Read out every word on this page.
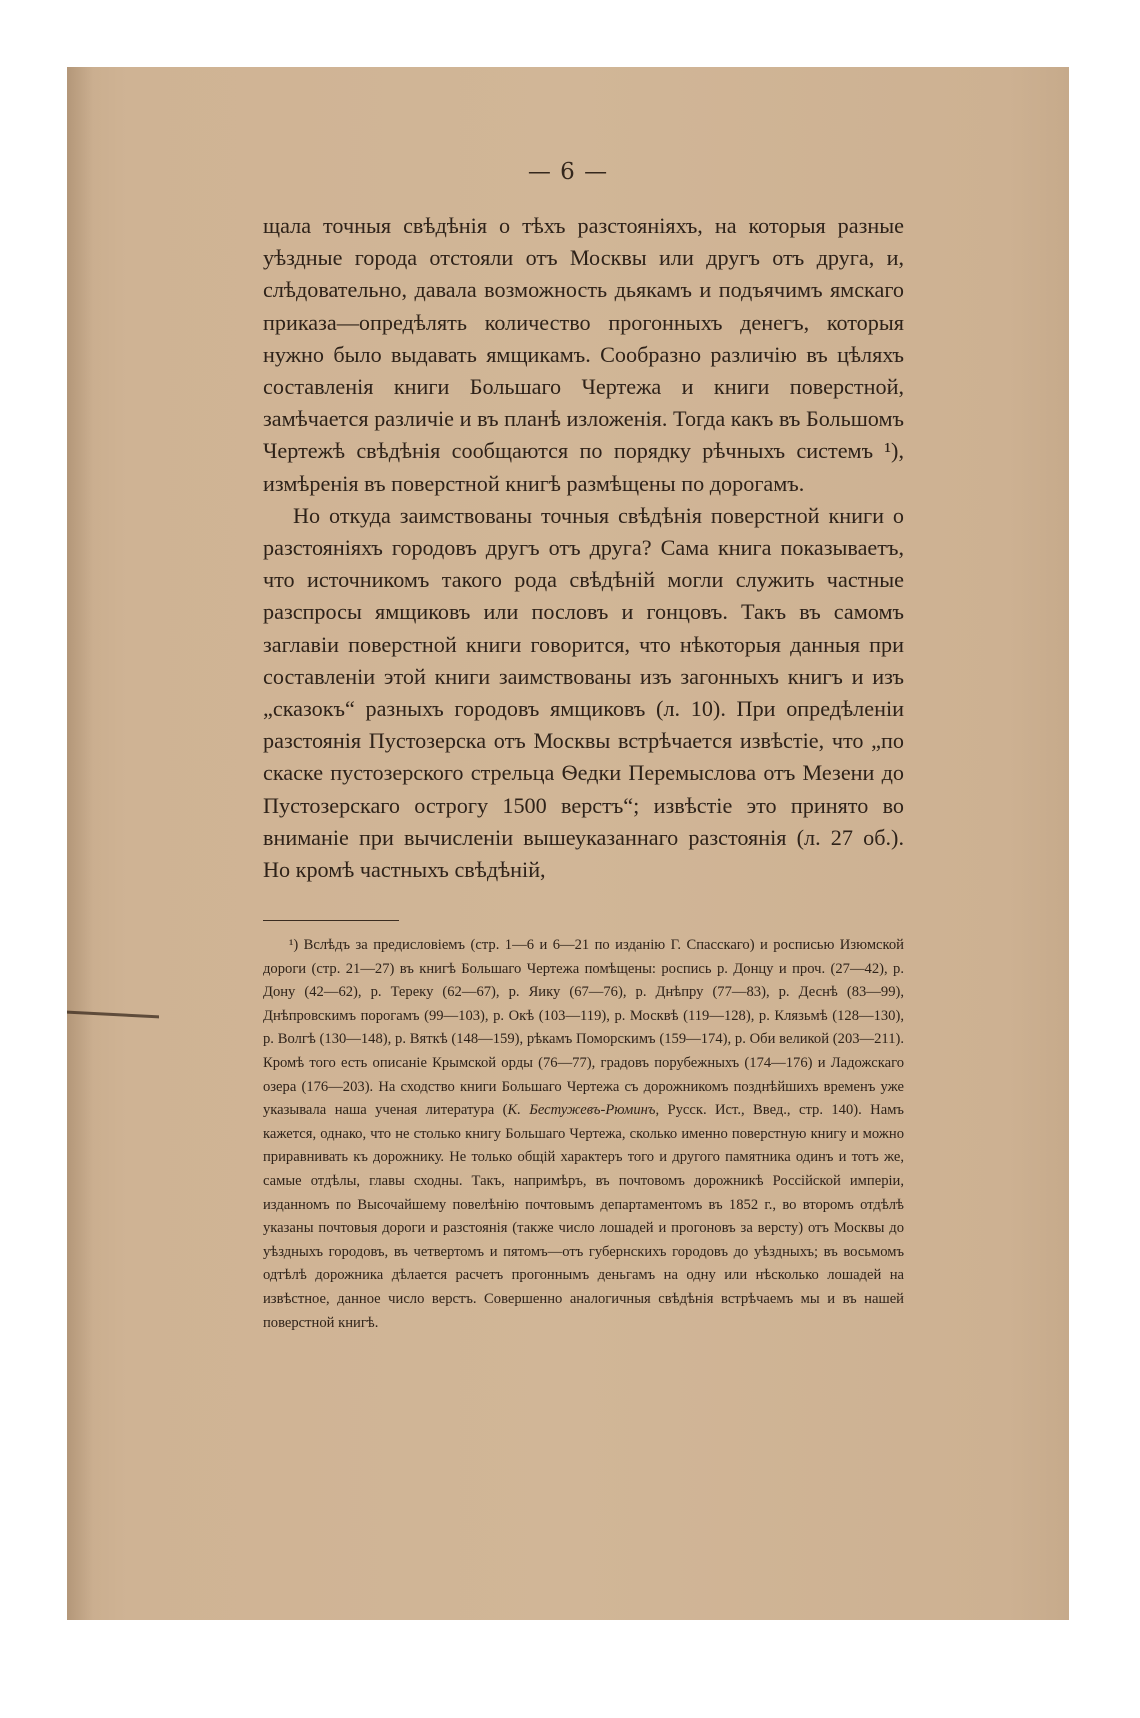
— 6 —

щала точныя свѣдѣнія о тѣхъ разстояніяхъ, на которыя разные уѣздные города отстояли отъ Москвы или другъ отъ друга, и, слѣдовательно, давала возможность дьякамъ и подъячимъ ямскаго приказа—опредѣлять количество прогонныхъ денегъ, которыя нужно было выдавать ямщикамъ. Сообразно различію въ цѣляхъ составленія книги Большаго Чертежа и книги поверстной, замѣчается различіе и въ планѣ изложенія. Тогда какъ въ Большомъ Чертежѣ свѣдѣнія сообщаются по порядку рѣчныхъ системъ ¹), измѣренія въ поверстной книгѣ размѣщены по дорогамъ.

Но откуда заимствованы точныя свѣдѣнія поверстной книги о разстояніяхъ городовъ другъ отъ друга? Сама книга показываетъ, что источникомъ такого рода свѣдѣній могли служить частные разспросы ямщиковъ или пословъ и гонцовъ. Такъ въ самомъ заглавіи поверстной книги говорится, что нѣкоторыя данныя при составленіи этой книги заимствованы изъ загонныхъ книгъ и изъ „сказокъ“ разныхъ городовъ ямщиковъ (л. 10). При опредѣленіи разстоянія Пустозерска отъ Москвы встрѣчается извѣстіе, что „по скаске пустозерского стрельца Ѳедки Перемыслова отъ Мезени до Пустозерскаго острогу 1500 верстъ“; извѣстіе это принято во вниманіе при вычисленіи вышеуказаннаго разстоянія (л. 27 об.). Но кромѣ частныхъ свѣдѣній,

¹) Вслѣдъ за предисловіемъ (стр. 1—6 и 6—21 по изданію Г. Спасскаго) и росписью Изюмской дороги (стр. 21—27) въ книгѣ Большаго Чертежа помѣщены: роспись р. Донцу и проч. (27—42), р. Дону (42—62), р. Тереку (62—67), р. Яику (67—76), р. Днѣпру (77—83), р. Деснѣ (83—99), Днѣпровскимъ порогамъ (99—103), р. Окѣ (103—119), р. Москвѣ (119—128), р. Клязьмѣ (128—130), р. Волгѣ (130—148), р. Вяткѣ (148—159), рѣкамъ Поморскимъ (159—174), р. Оби великой (203—211). Кромѣ того есть описаніе Крымской орды (76—77), градовъ порубежныхъ (174—176) и Ладожскаго озера (176—203). На сходство книги Большаго Чертежа съ дорожникомъ позднѣйшихъ временъ уже указывала наша ученая литература (К. Бестужевъ-Рюминъ, Русск. Ист., Введ., стр. 140). Намъ кажется, однако, что не столько книгу Большаго Чертежа, сколько именно поверстную книгу и можно приравнивать къ дорожнику. Не только общій характеръ того и другого памятника одинъ и тотъ же, самые отдѣлы, главы сходны. Такъ, напримѣръ, въ почтовомъ дорожникѣ Россійской имперіи, изданномъ по Высочайшему повелѣнію почтовымъ департаментомъ въ 1852 г., во второмъ отдѣлѣ указаны почтовыя дороги и разстоянія (также число лошадей и прогоновъ за версту) отъ Москвы до уѣздныхъ городовъ, въ четвертомъ и пятомъ—отъ губернскихъ городовъ до уѣздныхъ; въ восьмомъ одтѣлѣ дорожника дѣлается расчетъ прогоннымъ деньгамъ на одну или нѣсколько лошадей на извѣстное, данное число верстъ. Совершенно аналогичныя свѣдѣнія встрѣчаемъ мы и въ нашей поверстной книгѣ.
